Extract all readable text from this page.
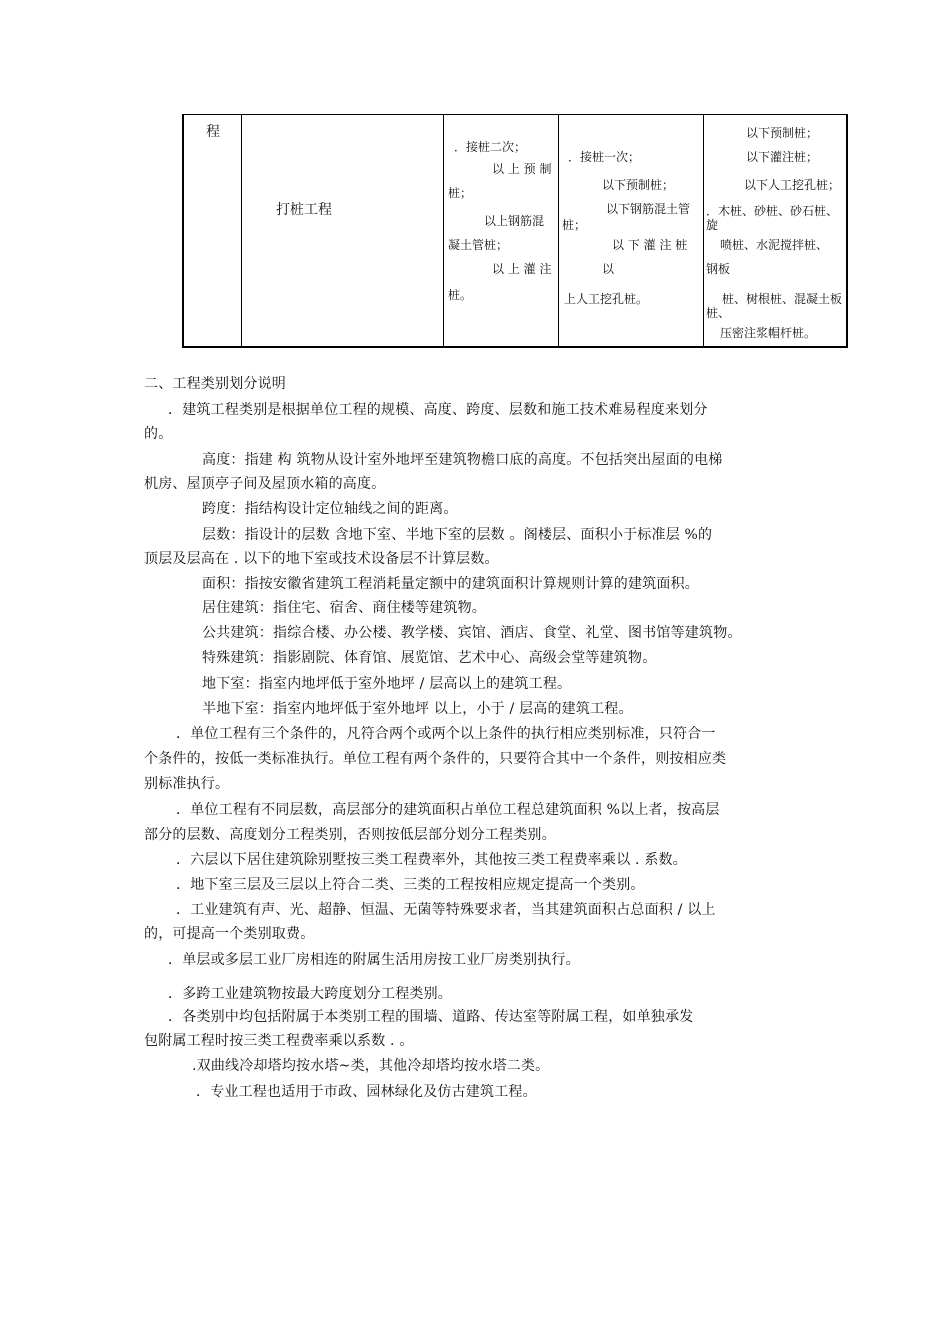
程
打桩工程
．接桩二次；
以 上 预 制
桩；
以上钢筋混
凝土管桩；
以 上 灌 注
桩。
．接桩一次；
以下预制桩；
以下钢筋混土管
桩；
以 下 灌 注 桩
以
上人工挖孔桩。
以下预制桩；
以下灌注桩；
以下人工挖孔桩；
．木桩、砂桩、砂石桩、
旋
喷桩、水泥搅拌桩、
钢板
桩、树根桩、混凝土板
桩、
压密注浆帽杆桩。
二、工程类别划分说明
．建筑工程类别是根据单位工程的规模、高度、跨度、层数和施工技术难易程度来划分
的。
高度：指建 构 筑物从设计室外地坪至建筑物檐口底的高度。不包括突出屋面的电梯
机房、屋顶亭子间及屋顶水箱的高度。
跨度：指结构设计定位轴线之间的距离。
层数：指设计的层数 含地下室、半地下室的层数 。阁楼层、面积小于标准层 %的
顶层及层高在 . 以下的地下室或技术设备层不计算层数。
面积：指按安徽省建筑工程消耗量定额中的建筑面积计算规则计算的建筑面积。
居住建筑：指住宅、宿舍、商住楼等建筑物。
公共建筑：指综合楼、办公楼、教学楼、宾馆、酒店、食堂、礼堂、图书馆等建筑物。
特殊建筑：指影剧院、体育馆、展览馆、艺术中心、高级会堂等建筑物。
地下室：指室内地坪低于室外地坪 / 层高以上的建筑工程。
半地下室：指室内地坪低于室外地坪 以上，小于 / 层高的建筑工程。
．单位工程有三个条件的，凡符合两个或两个以上条件的执行相应类别标准，只符合一
个条件的，按低一类标准执行。单位工程有两个条件的，只要符合其中一个条件，则按相应类
别标准执行。
．单位工程有不同层数，高层部分的建筑面积占单位工程总建筑面积 %以上者，按高层
部分的层数、高度划分工程类别，否则按低层部分划分工程类别。
．六层以下居住建筑除别墅按三类工程费率外，其他按三类工程费率乘以 . 系数。
．地下室三层及三层以上符合二类、三类的工程按相应规定提高一个类别。
．工业建筑有声、光、超静、恒温、无菌等特殊要求者，当其建筑面积占总面积 / 以上
的，可提高一个类别取费。
．单层或多层工业厂房相连的附属生活用房按工业厂房类别执行。
．多跨工业建筑物按最大跨度划分工程类别。
．各类别中均包括附属于本类别工程的围墙、道路、传达室等附属工程，如单独承发
包附属工程时按三类工程费率乘以系数 . 。
.双曲线冷却塔均按水塔~类，其他冷却塔均按水塔二类。
．专业工程也适用于市政、园林绿化及仿古建筑工程。
